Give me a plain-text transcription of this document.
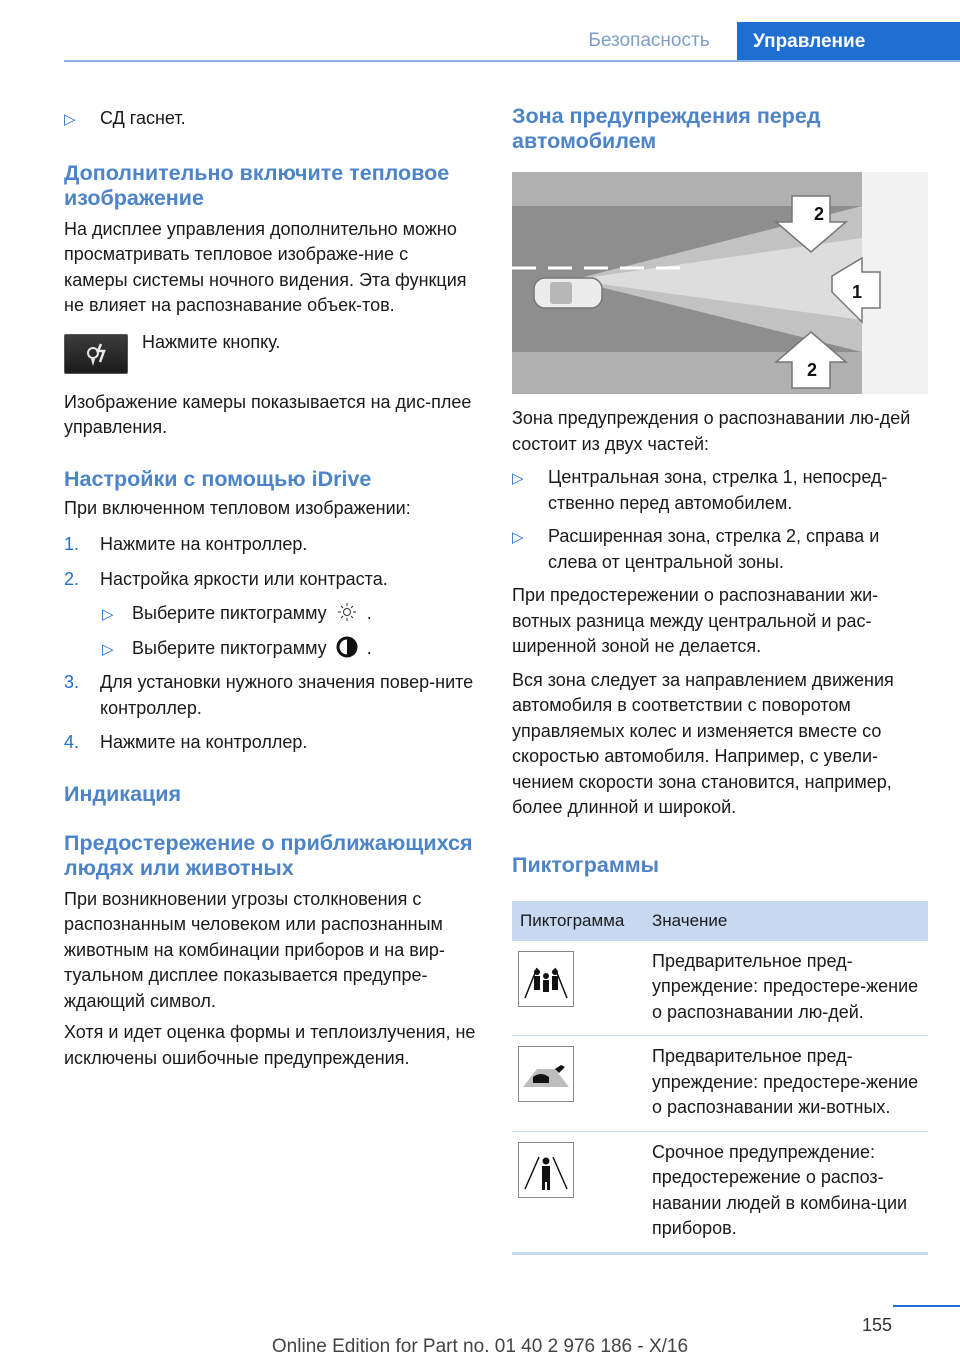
Безопасность	Управление
▷ СД гаснет.
Дополнительно включите тепловое изображение

На дисплее управления дополнительно можно просматривать тепловое изображе‐ние с камеры системы ночного видения. Эта функция не влияет на распознавание объек‐тов.

Нажмите кнопку.

Изображение камеры показывается на дис‐плее управления.

Настройки с помощью iDrive

При включенном тепловом изображении:

1. Нажмите на контроллер.
2. Настройка яркости или контраста.
▷ Выберите пиктограмму .
▷ Выберите пиктограмму .
3. Для установки нужного значения повер‐ните контроллер.
4. Нажмите на контроллер.
Индикация
Предостережение о приближающихся людях или животных

При возникновении угрозы столкновения с распознанным человеком или распознанным животным на комбинации приборов и на вир‐туальном дисплее показывается предупре‐ждающий символ.

Хотя и идет оценка формы и теплоизлучения, не исключены ошибочные предупреждения.

Зона предупреждения перед автомобилем
2
1
2

Зона предупреждения о распознавании лю‐дей состоит из двух частей:

▷ Центральная зона, стрелка 1, непосред‐ственно перед автомобилем.
▷ Расширенная зона, стрелка 2, справа и слева от центральной зоны.

При предостережении о распознавании жи‐вотных разница между центральной и рас‐ширенной зоной не делается.

Вся зона следует за направлением движения автомобиля в соответствии с поворотом управляемых колес и изменяется вместе со скоростью автомобиля. Например, с увели‐чением скорости зона становится, например, более длинной и широкой.

Пиктограммы
Пиктограмма	Значение
Предварительное пред‐упреждение: предостере‐жение о распознавании лю‐дей.
Предварительное пред‐упреждение: предостере‐жение о распознавании жи‐вотных.
Срочное предупреждение: предостережение о распоз‐навании людей в комбина‐ции приборов.
155
Online Edition for Part no. 01 40 2 976 186 - X/16
